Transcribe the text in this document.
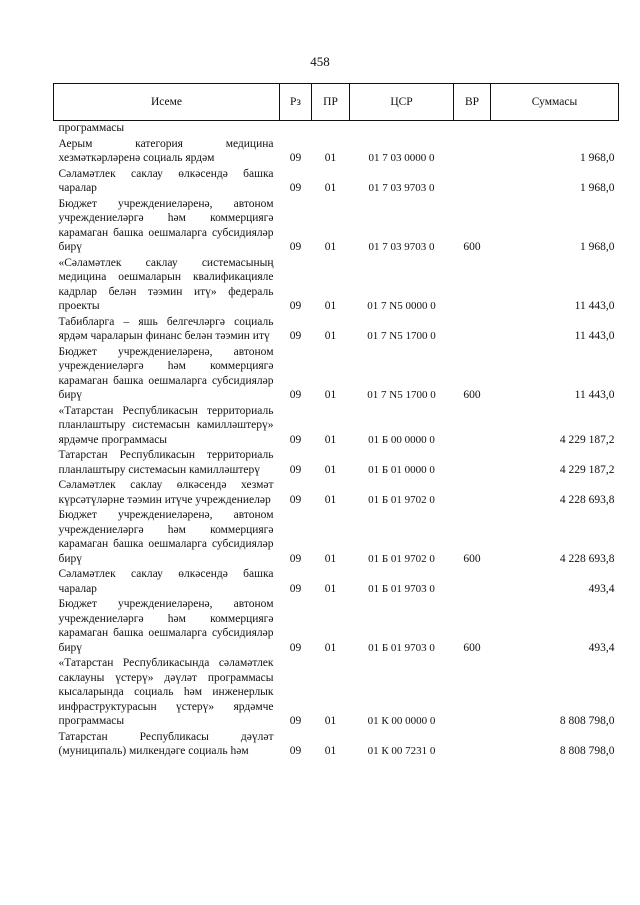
458
Исеме	Рз	ПР	ЦСР	ВР	Суммасы
программасы					
Аерым категория медицина хезмәткәрләренә социаль ярдәм	09	01	01 7 03 0000 0		1 968,0
Сәламәтлек саклау өлкәсендә башка чаралар	09	01	01 7 03 9703 0		1 968,0
Бюджет учреждениеләренә, автоном учреждениеләргә һәм коммерциягә карамаган башка оешмаларга субсидияләр бирү	09	01	01 7 03 9703 0	600	1 968,0
«Сәламәтлек саклау системасының медицина оешмаларын квалификацияле кадрлар белән тәэмин итү» федераль проекты	09	01	01 7 N5 0000 0		11 443,0
Табибларга – яшь белгечләргә социаль ярдәм чараларын финанс белән тәэмин итү	09	01	01 7 N5 1700 0		11 443,0
Бюджет учреждениеләренә, автоном учреждениеләргә һәм коммерциягә карамаган башка оешмаларга субсидияләр бирү	09	01	01 7 N5 1700 0	600	11 443,0
«Татарстан Республикасын территориаль планлаштыру системасын камилләштерү» ярдәмче программасы	09	01	01 Б 00 0000 0		4 229 187,2
Татарстан Республикасын территориаль планлаштыру системасын камилләштерү	09	01	01 Б 01 0000 0		4 229 187,2
Сәламәтлек саклау өлкәсендә хезмәт күрсәтүләрне тәэмин итүче учреждениеләр	09	01	01 Б 01 9702 0		4 228 693,8
Бюджет учреждениеләренә, автоном учреждениеләргә һәм коммерциягә карамаган башка оешмаларга субсидияләр бирү	09	01	01 Б 01 9702 0	600	4 228 693,8
Сәламәтлек саклау өлкәсендә башка чаралар	09	01	01 Б 01 9703 0		493,4
Бюджет учреждениеләренә, автоном учреждениеләргә һәм коммерциягә карамаган башка оешмаларга субсидияләр бирү	09	01	01 Б 01 9703 0	600	493,4
«Татарстан Республикасында сәламәтлек саклауны үстерү» дәүләт программасы кысаларында социаль һәм инженерлык инфраструктурасын үстерү» ярдәмче программасы	09	01	01 К 00 0000 0		8 808 798,0
Татарстан Республикасы дәүләт (муниципаль) милкендәге социаль һәм	09	01	01 К 00 7231 0		8 808 798,0
